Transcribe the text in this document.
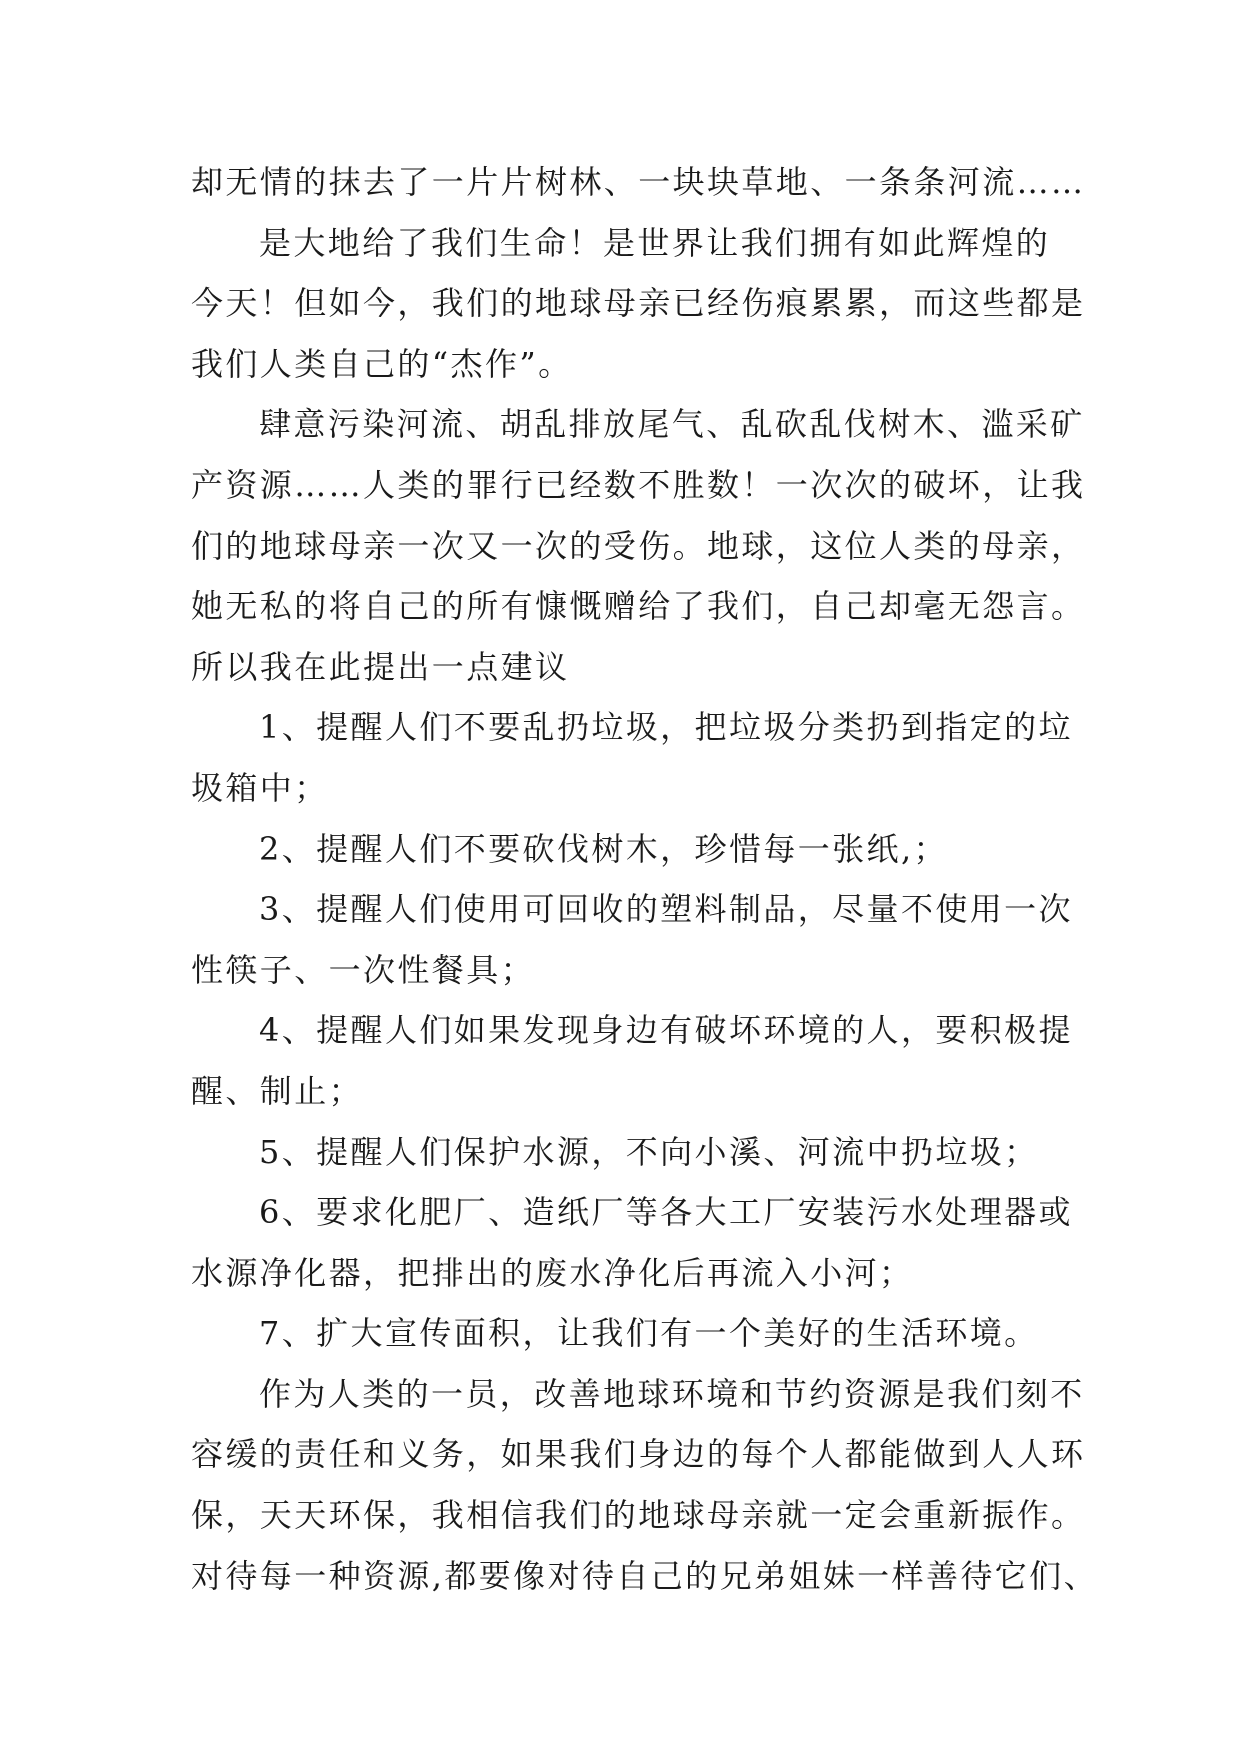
却无情的抹去了一片片树林、一块块草地、一条条河流……
是大地给了我们生命！是世界让我们拥有如此辉煌的
今天！但如今，我们的地球母亲已经伤痕累累，而这些都是
我们人类自己的“杰作”。
肆意污染河流、胡乱排放尾气、乱砍乱伐树木、滥采矿
产资源……人类的罪行已经数不胜数！一次次的破坏，让我
们的地球母亲一次又一次的受伤。地球，这位人类的母亲，
她无私的将自己的所有慷慨赠给了我们，自己却毫无怨言。
所以我在此提出一点建议
1、提醒人们不要乱扔垃圾，把垃圾分类扔到指定的垃
圾箱中；
2、提醒人们不要砍伐树木，珍惜每一张纸,；
3、提醒人们使用可回收的塑料制品，尽量不使用一次
性筷子、一次性餐具；
4、提醒人们如果发现身边有破坏环境的人，要积极提
醒、制止；
5、提醒人们保护水源，不向小溪、河流中扔垃圾；
6、要求化肥厂、造纸厂等各大工厂安装污水处理器或
水源净化器，把排出的废水净化后再流入小河；
7、扩大宣传面积，让我们有一个美好的生活环境。
作为人类的一员，改善地球环境和节约资源是我们刻不
容缓的责任和义务，如果我们身边的每个人都能做到人人环
保，天天环保，我相信我们的地球母亲就一定会重新振作。
对待每一种资源,都要像对待自己的兄弟姐妹一样善待它们、
